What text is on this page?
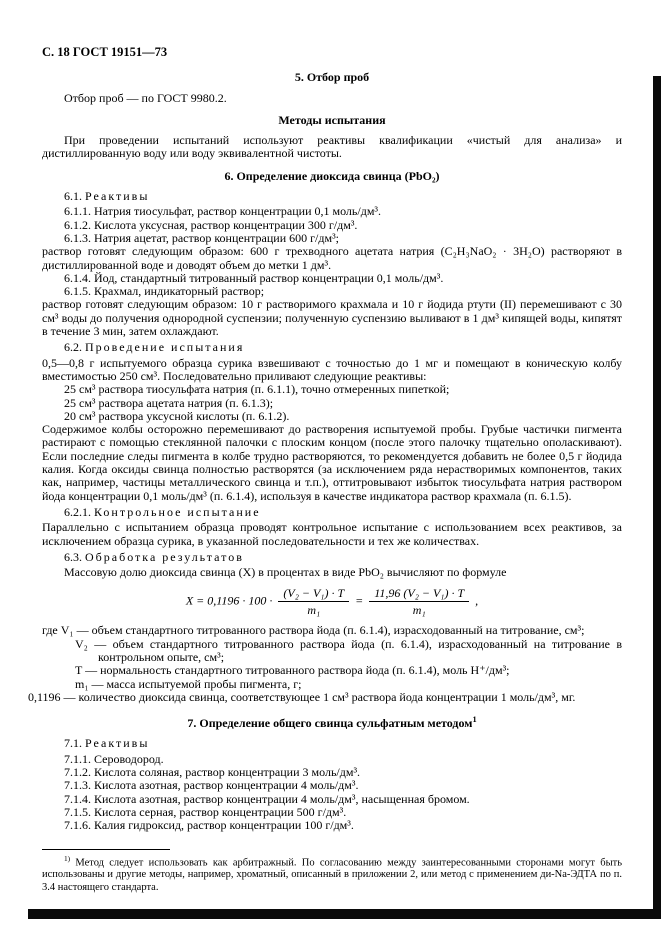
С. 18 ГОСТ 19151—73
5. Отбор проб

Отбор проб — по ГОСТ 9980.2.

Методы испытания

При проведении испытаний используют реактивы квалификации «чистый для анализа» и дистиллированную воду или воду эквивалентной чистоты.

6. Определение диоксида свинца (PbO₂)

6.1. Реактивы

6.1.1. Натрия тиосульфат, раствор концентрации 0,1 моль/дм³.

6.1.2. Кислота уксусная, раствор концентрации 300 г/дм³.

6.1.3. Натрия ацетат, раствор концентрации 600 г/дм³;

раствор готовят следующим образом: 600 г трехводного ацетата натрия (C₂H₃NaO₂ · 3H₂O) растворяют в дистиллированной воде и доводят объем до метки 1 дм³.

6.1.4. Йод, стандартный титрованный раствор концентрации 0,1 моль/дм³.

6.1.5. Крахмал, индикаторный раствор;

раствор готовят следующим образом: 10 г растворимого крахмала и 10 г йодида ртути (II) перемешивают с 30 см³ воды до получения однородной суспензии; полученную суспензию выливают в 1 дм³ кипящей воды, кипятят в течение 3 мин, затем охлаждают.

6.2. Проведение испытания

0,5—0,8 г испытуемого образца сурика взвешивают с точностью до 1 мг и помещают в коническую колбу вместимостью 250 см³. Последовательно приливают следующие реактивы:

25 см³ раствора тиосульфата натрия (п. 6.1.1), точно отмеренных пипеткой;

25 см³ раствора ацетата натрия (п. 6.1.3);

20 см³ раствора уксусной кислоты (п. 6.1.2).

Содержимое колбы осторожно перемешивают до растворения испытуемой пробы. Грубые частички пигмента растирают с помощью стеклянной палочки с плоским концом (после этого палочку тщательно ополаскивают). Если последние следы пигмента в колбе трудно растворяются, то рекомендуется добавить не более 0,5 г йодида калия. Когда оксиды свинца полностью растворятся (за исключением ряда нерастворимых компонентов, таких как, например, частицы металлического свинца и т.п.), оттитровывают избыток тиосульфата натрия раствором йода концентрации 0,1 моль/дм³ (п. 6.1.4), используя в качестве индикатора раствор крахмала (п. 6.1.5).

6.2.1. Контрольное испытание

Параллельно с испытанием образца проводят контрольное испытание с использованием всех реактивов, за исключением образца сурика, в указанной последовательности и тех же количествах.

6.3. Обработка результатов

Массовую долю диоксида свинца (X) в процентах в виде PbO₂ вычисляют по формуле

$X = 0,1196 \cdot 100 \cdot \frac{\text{(V₂ − V₁) · T}}{\text{m₁}} = \frac{\text{11,96 (V₂ − V₁) · T}}{\text{m₁}}$ ,

где V₁ — объем стандартного титрованного раствора йода (п. 6.1.4), израсходованный на титрование, см³;

V₂ — объем стандартного титрованного раствора йода (п. 6.1.4), израсходованный на титрование в контрольном опыте, см³;

T — нормальность стандартного титрованного раствора йода (п. 6.1.4), моль Н⁺/дм³;

m₁ — масса испытуемой пробы пигмента, г;

0,1196 — количество диоксида свинца, соответствующее 1 см³ раствора йода концентрации 1 моль/дм³, мг.

7. Определение общего свинца сульфатным методом$^1$

7.1. Реактивы

7.1.1. Сероводород.

7.1.2. Кислота соляная, раствор концентрации 3 моль/дм³.

7.1.3. Кислота азотная, раствор концентрации 4 моль/дм³.

7.1.4. Кислота азотная, раствор концентрации 4 моль/дм³, насыщенная бромом.

7.1.5. Кислота серная, раствор концентрации 500 г/дм³.

7.1.6. Калия гидроксид, раствор концентрации 100 г/дм³.

$^{1)}$ Метод следует использовать как арбитражный. По согласованию между заинтересованными сторонами могут быть использованы и другие методы, например, хроматный, описанный в приложении 2, или метод с применением ди-Na-ЭДТА по п. 3.4 настоящего стандарта.
